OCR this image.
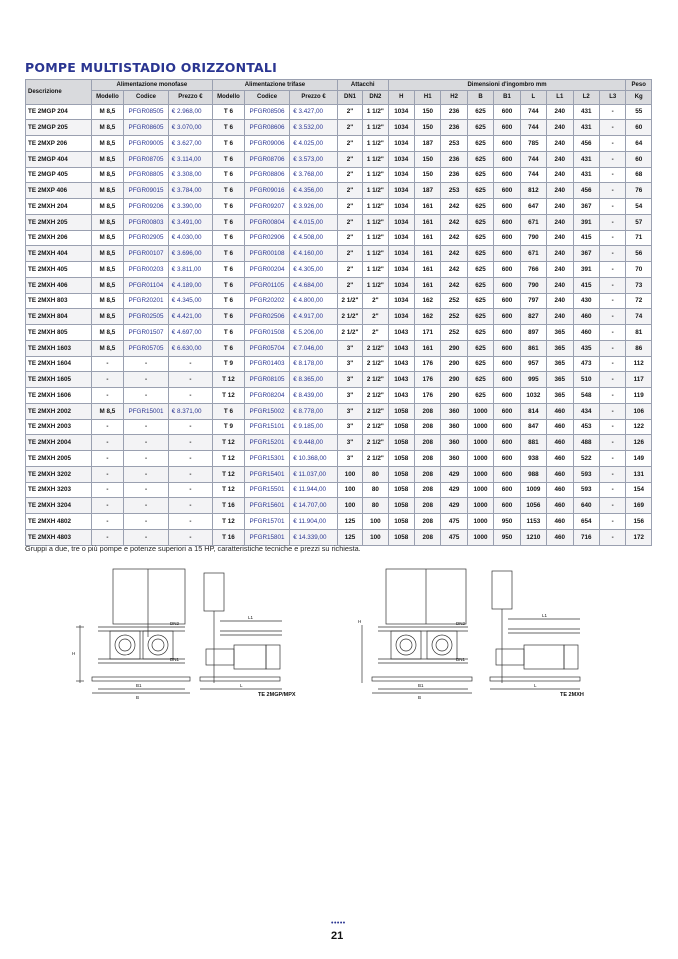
POMPE MULTISTADIO ORIZZONTALI
Descrizione	Alimentazione monofase			Alimentazione trifase			Attacchi		Dimensioni d'ingombro mm									Peso
	Modello	Codice	Prezzo €	Modello	Codice	Prezzo €	DN1	DN2	H	H1	H2	B	B1	L	L1	L2	L3	Kg
TE 2MGP 204	M 8,5	PFGR08505	€ 2.968,00	T 6	PFGR08506	€ 3.427,00	2"	1 1/2"	1034	150	236	625	600	744	240	431	-	55
TE 2MGP 205	M 8,5	PFGR08605	€ 3.070,00	T 6	PFGR08606	€ 3.532,00	2"	1 1/2"	1034	150	236	625	600	744	240	431	-	60
TE 2MXP 206	M 8,5	PFGR09005	€ 3.627,00	T 6	PFGR09006	€ 4.025,00	2"	1 1/2"	1034	187	253	625	600	785	240	456	-	64
TE 2MGP 404	M 8,5	PFGR08705	€ 3.114,00	T 6	PFGR08706	€ 3.573,00	2"	1 1/2"	1034	150	236	625	600	744	240	431	-	60
TE 2MGP 405	M 8,5	PFGR08805	€ 3.308,00	T 6	PFGR08806	€ 3.768,00	2"	1 1/2"	1034	150	236	625	600	744	240	431	-	68
TE 2MXP 406	M 8,5	PFGR09015	€ 3.784,00	T 6	PFGR09016	€ 4.356,00	2"	1 1/2"	1034	187	253	625	600	812	240	456	-	76
TE 2MXH 204	M 8,5	PFGR09206	€ 3.390,00	T 6	PFGR09207	€ 3.926,00	2"	1 1/2"	1034	161	242	625	600	647	240	367	-	54
TE 2MXH 205	M 8,5	PFGR00803	€ 3.491,00	T 6	PFGR00804	€ 4.015,00	2"	1 1/2"	1034	161	242	625	600	671	240	391	-	57
TE 2MXH 206	M 8,5	PFGR02905	€ 4.030,00	T 6	PFGR02906	€ 4.508,00	2"	1 1/2"	1034	161	242	625	600	790	240	415	-	71
TE 2MXH 404	M 8,5	PFGR00107	€ 3.696,00	T 6	PFGR00108	€ 4.160,00	2"	1 1/2"	1034	161	242	625	600	671	240	367	-	56
TE 2MXH 405	M 8,5	PFGR00203	€ 3.811,00	T 6	PFGR00204	€ 4.305,00	2"	1 1/2"	1034	161	242	625	600	766	240	391	-	70
TE 2MXH 406	M 8,5	PFGR01104	€ 4.189,00	T 6	PFGR01105	€ 4.684,00	2"	1 1/2"	1034	161	242	625	600	790	240	415	-	73
TE 2MXH 803	M 8,5	PFGR20201	€ 4.345,00	T 6	PFGR20202	€ 4.800,00	2 1/2"	2"	1034	162	252	625	600	797	240	430	-	72
TE 2MXH 804	M 8,5	PFGR02505	€ 4.421,00	T 6	PFGR02506	€ 4.917,00	2 1/2"	2"	1034	162	252	625	600	827	240	460	-	74
TE 2MXH 805	M 8,5	PFGR01507	€ 4.697,00	T 6	PFGR01508	€ 5.206,00	2 1/2"	2"	1043	171	252	625	600	897	365	460	-	81
TE 2MXH 1603	M 8,5	PFGR05705	€ 6.630,00	T 6	PFGR05704	€ 7.046,00	3"	2 1/2"	1043	161	290	625	600	861	365	435	-	86
TE 2MXH 1604	-	-	-	T 9	PFGR01403	€ 8.178,00	3"	2 1/2"	1043	176	290	625	600	957	365	473	-	112
TE 2MXH 1605	-	-	-	T 12	PFGR08105	€ 8.365,00	3"	2 1/2"	1043	176	290	625	600	995	365	510	-	117
TE 2MXH 1606	-	-	-	T 12	PFGR08204	€ 8.439,00	3"	2 1/2"	1043	176	290	625	600	1032	365	548	-	119
TE 2MXH 2002	M 8,5	PFGR15001	€ 8.371,00	T 6	PFGR15002	€ 8.778,00	3"	2 1/2"	1058	208	360	1000	600	814	460	434	-	106
TE 2MXH 2003	-	-	-	T 9	PFGR15101	€ 9.185,00	3"	2 1/2"	1058	208	360	1000	600	847	460	453	-	122
TE 2MXH 2004	-	-	-	T 12	PFGR15201	€ 9.448,00	3"	2 1/2"	1058	208	360	1000	600	881	460	488	-	126
TE 2MXH 2005	-	-	-	T 12	PFGR15301	€ 10.368,00	3"	2 1/2"	1058	208	360	1000	600	938	460	522	-	149
TE 2MXH 3202	-	-	-	T 12	PFGR15401	€ 11.037,00	100	80	1058	208	429	1000	600	988	460	593	-	131
TE 2MXH 3203	-	-	-	T 12	PFGR15501	€ 11.944,00	100	80	1058	208	429	1000	600	1009	460	593	-	154
TE 2MXH 3204	-	-	-	T 16	PFGR15601	€ 14.707,00	100	80	1058	208	429	1000	600	1056	460	640	-	169
TE 2MXH 4802	-	-	-	T 12	PFGR15701	€ 11.904,00	125	100	1058	208	475	1000	950	1153	460	654	-	156
TE 2MXH 4803	-	-	-	T 16	PFGR15801	€ 14.339,00	125	100	1058	208	475	1000	950	1210	460	716	-	172
Gruppi a due, tre o più pompe e potenze superiori a 15 HP, caratteristiche tecniche e prezzi su richiesta.
H
DN2
DN1
B
B1
L1
L
TE 2MGP/MPX
H	DN2
DN1
B
B1
L1
L
TE 2MXH
•••••
21
